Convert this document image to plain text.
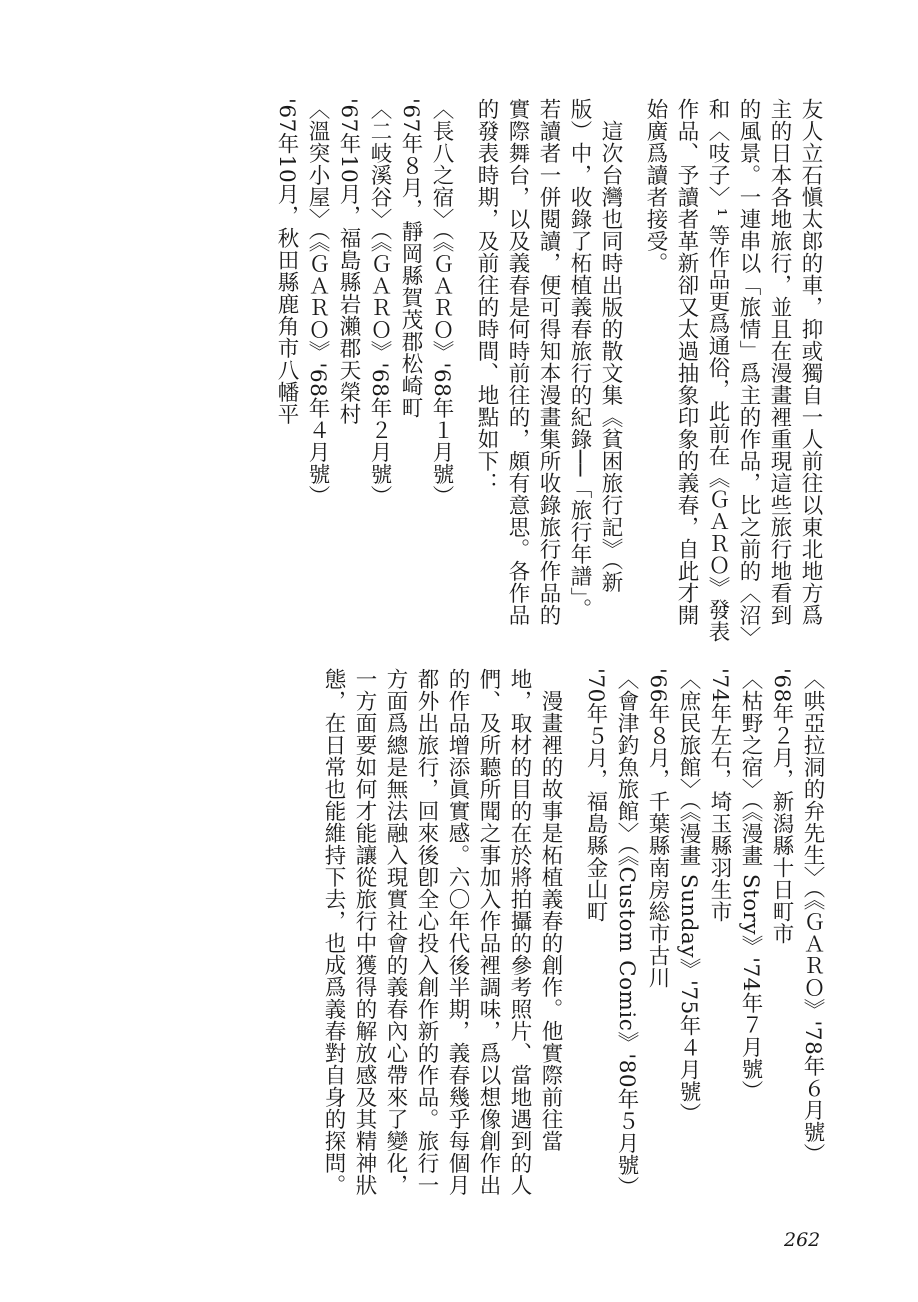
友人立石愼太郎的車，抑或獨自一人前往以東北地方爲
主的日本各地旅行，並且在漫畫裡重現這些旅行地看到
的風景。一連串以「旅情」爲主的作品，比之前的〈沼〉
和〈吱子〉¹ 等作品更爲通俗，此前在《ＧＡＲＯ》發表
作品、予讀者革新卻又太過抽象印象的義春，自此才開
始廣爲讀者接受。
　這次台灣也同時出版的散文集《貧困旅行記》（新
版）中，收錄了柘植義春旅行的紀錄──「旅行年譜」。
若讀者一併閱讀，便可得知本漫畫集所收錄旅行作品的
實際舞台，以及義春是何時前往的，頗有意思。各作品
的發表時期，及前往的時間、地點如下：
〈長八之宿〉（《ＧＡＲＯ》'68年１月號）
'67年８月，靜岡縣賀茂郡松崎町
〈二岐溪谷〉（《ＧＡＲＯ》'68年２月號）
'67年10月，福島縣岩瀨郡天榮村
〈溫突小屋〉（《ＧＡＲＯ》'68年４月號）
'67年10月，秋田縣鹿角市八幡平
〈哄亞拉洞的弁先生〉（《ＧＡＲＯ》'78年６月號）
'68年２月，新潟縣十日町市
〈枯野之宿〉（《漫畫 Story》'74年７月號）
'74年左右，埼玉縣羽生市
〈庶民旅館〉（《漫畫 Sunday》'75年４月號）
'66年８月，千葉縣南房総市古川
〈會津釣魚旅館〉（《Custom Comic》'80年５月號）
'70年５月，福島縣金山町
　漫畫裡的故事是柘植義春的創作。他實際前往當
地，取材的目的在於將拍攝的參考照片、當地遇到的人
們、及所聽所聞之事加入作品裡調味，爲以想像創作出
的作品增添眞實感。六〇年代後半期，義春幾乎每個月
都外出旅行，回來後卽全心投入創作新的作品。旅行一
方面爲總是無法融入現實社會的義春內心帶來了變化，
一方面要如何才能讓從旅行中獲得的解放感及其精神狀
態，在日常也能維持下去，也成爲義春對自身的探問。
262
